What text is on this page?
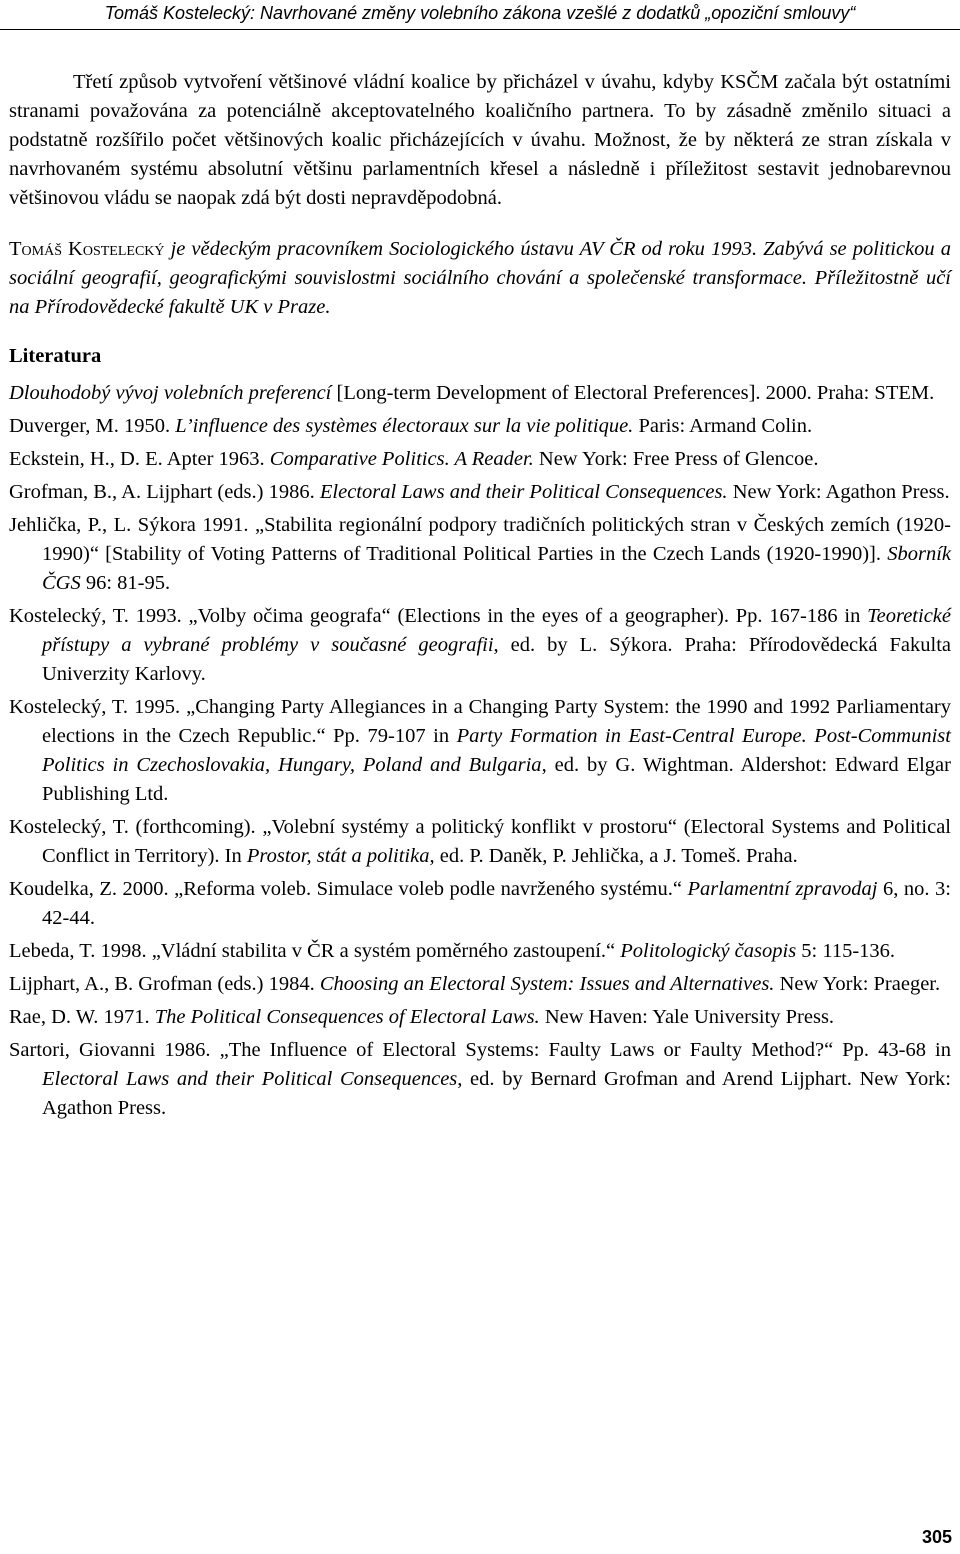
Tomáš Kostelecký: Navrhované změny volebního zákona vzešlé z dodatků „opoziční smlouvy“

Třetí způsob vytvoření většinové vládní koalice by přicházel v úvahu, kdyby KSČM začala být ostatními stranami považována za potenciálně akceptovatelného koaličního partnera. To by zásadně změnilo situaci a podstatně rozšířilo počet většinových koalic přicházejících v úvahu. Možnost, že by některá ze stran získala v navrhovaném systému absolutní většinu parlamentních křesel a následně i příležitost sestavit jednobarevnou většinovou vládu se naopak zdá být dosti nepravděpodobná.

Tomáš Kostelecký je vědeckým pracovníkem Sociologického ústavu AV ČR od roku 1993. Zabývá se politickou a sociální geografií, geografickými souvislostmi sociálního chování a společenské transformace. Příležitostně učí na Přírodovědecké fakultě UK v Praze.

Literatura
Dlouhodobý vývoj volebních preferencí [Long-term Development of Electoral Preferences]. 2000. Praha: STEM.
Duverger, M. 1950. L’influence des systèmes électoraux sur la vie politique. Paris: Armand Colin.
Eckstein, H., D. E. Apter 1963. Comparative Politics. A Reader. New York: Free Press of Glencoe.
Grofman, B., A. Lijphart (eds.) 1986. Electoral Laws and their Political Consequences. New York: Agathon Press.
Jehlička, P., L. Sýkora 1991. „Stabilita regionální podpory tradičních politických stran v Českých zemích (1920-1990)“ [Stability of Voting Patterns of Traditional Political Parties in the Czech Lands (1920-1990)]. Sborník ČGS 96: 81-95.
Kostelecký, T. 1993. „Volby očima geografa“ (Elections in the eyes of a geographer). Pp. 167-186 in Teoretické přístupy a vybrané problémy v současné geografii, ed. by L. Sýkora. Praha: Přírodovědecká Fakulta Univerzity Karlovy.
Kostelecký, T. 1995. „Changing Party Allegiances in a Changing Party System: the 1990 and 1992 Parliamentary elections in the Czech Republic.“ Pp. 79-107 in Party Formation in East-Central Europe. Post-Communist Politics in Czechoslovakia, Hungary, Poland and Bulgaria, ed. by G. Wightman. Aldershot: Edward Elgar Publishing Ltd.
Kostelecký, T. (forthcoming). „Volební systémy a politický konflikt v prostoru“ (Electoral Systems and Political Conflict in Territory). In Prostor, stát a politika, ed. P. Daněk, P. Jehlička, a J. Tomeš. Praha.
Koudelka, Z. 2000. „Reforma voleb. Simulace voleb podle navrženého systému.“ Parlamentní zpravodaj 6, no. 3: 42-44.
Lebeda, T. 1998. „Vládní stabilita v ČR a systém poměrného zastoupení.“ Politologický časopis 5: 115-136.
Lijphart, A., B. Grofman (eds.) 1984. Choosing an Electoral System: Issues and Alternatives. New York: Praeger.
Rae, D. W. 1971. The Political Consequences of Electoral Laws. New Haven: Yale University Press.
Sartori, Giovanni 1986. „The Influence of Electoral Systems: Faulty Laws or Faulty Method?“ Pp. 43-68 in Electoral Laws and their Political Consequences, ed. by Bernard Grofman and Arend Lijphart. New York: Agathon Press.
305
